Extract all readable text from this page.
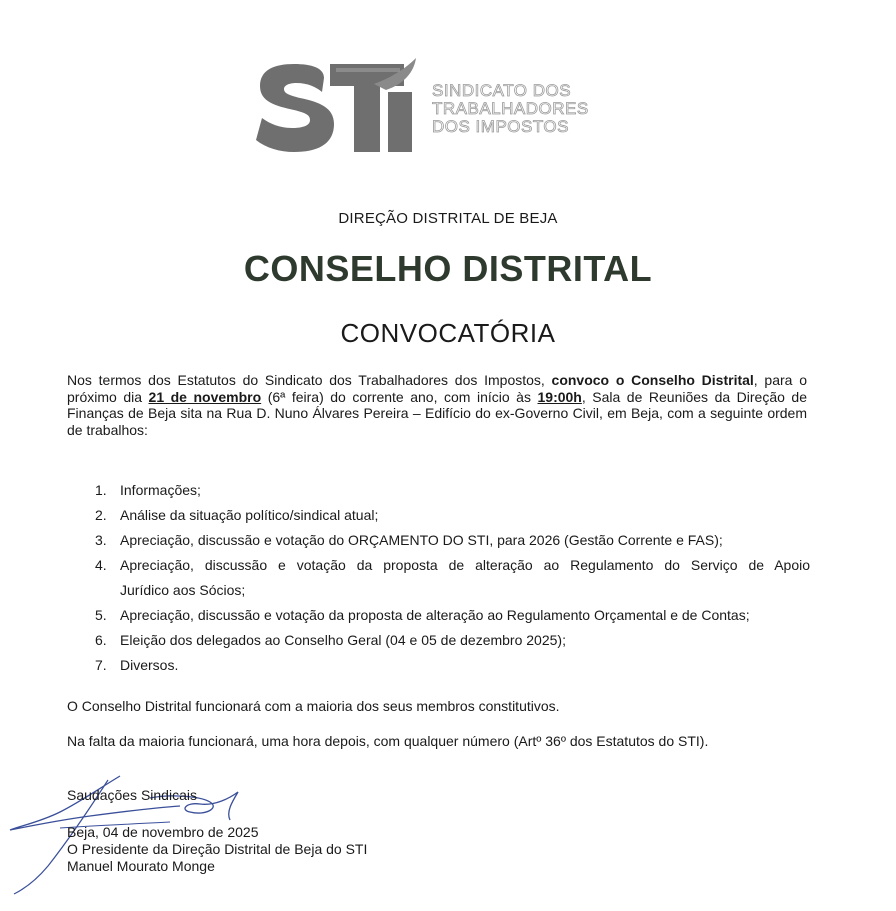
SINDICATO DOS
TRABALHADORES
DOS IMPOSTOS
DIREÇÃO DISTRITAL DE BEJA
CONSELHO DISTRITAL
CONVOCATÓRIA
Nos termos dos Estatutos do Sindicato dos Trabalhadores dos Impostos, convoco o Conselho Distrital, para o próximo dia 21 de novembro (6ª feira) do corrente ano, com início às 19:00h, Sala de Reuniões da Direção de Finanças de Beja sita na Rua D. Nuno Álvares Pereira – Edifício do ex-Governo Civil, em Beja, com a seguinte ordem de trabalhos:
1. Informações;
2. Análise da situação político/sindical atual;
3. Apreciação, discussão e votação do ORÇAMENTO DO STI, para 2026 (Gestão Corrente e FAS);
4. Apreciação, discussão e votação da proposta de alteração ao Regulamento do Serviço de Apoio
Jurídico aos Sócios;
5. Apreciação, discussão e votação da proposta de alteração ao Regulamento Orçamental e de Contas;
6. Eleição dos delegados ao Conselho Geral (04 e 05 de dezembro 2025);
7. Diversos.
O Conselho Distrital funcionará com a maioria dos seus membros constitutivos.
Na falta da maioria funcionará, uma hora depois, com qualquer número (Artº 36º dos Estatutos do STI).
Saudações Sindicais
Beja, 04 de novembro de 2025
O Presidente da Direção Distrital de Beja do STI
Manuel Mourato Monge
